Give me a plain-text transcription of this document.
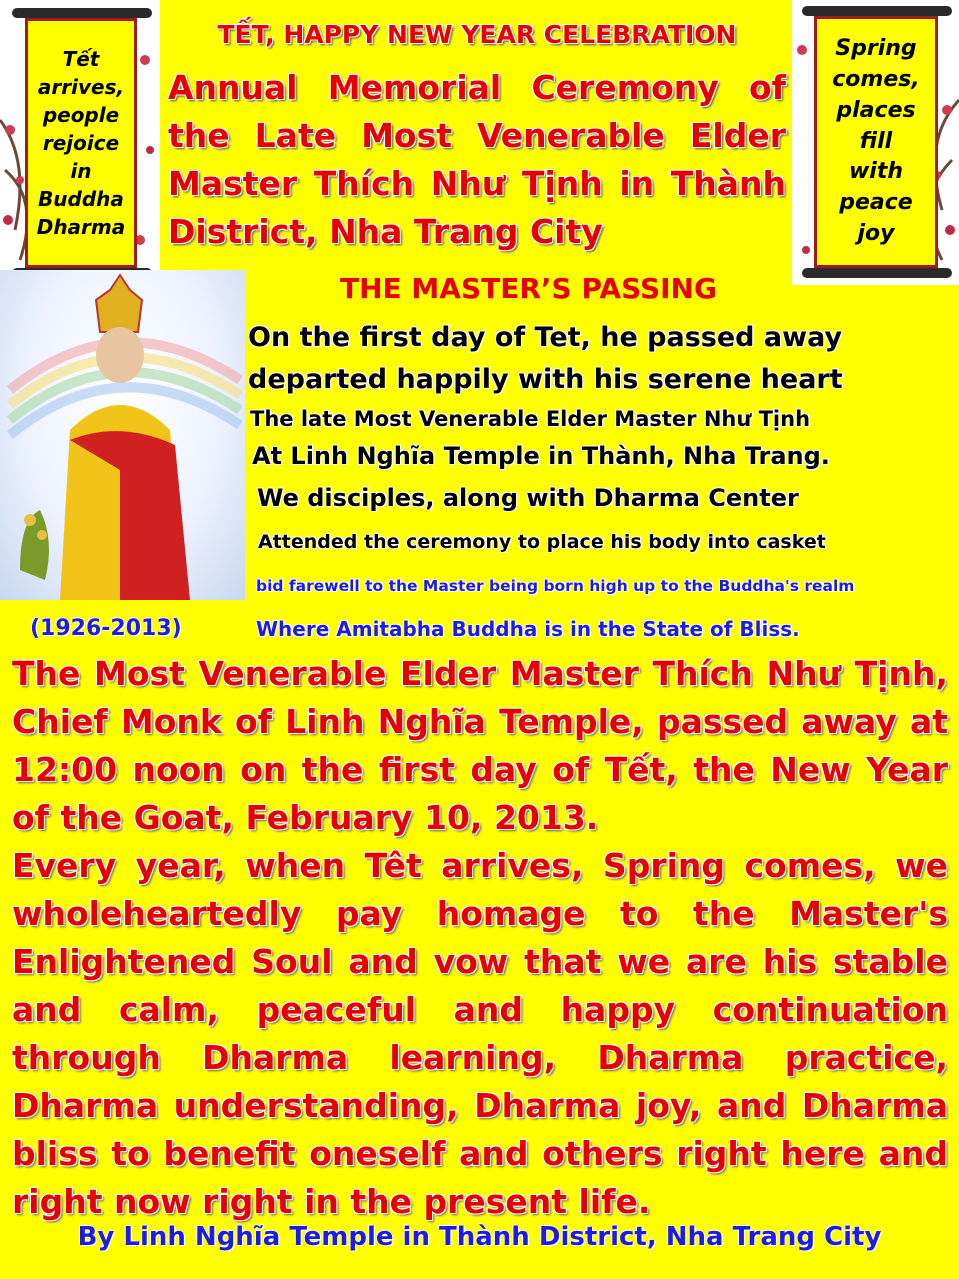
Tết
arrives,
people
rejoice
in
Buddha
Dharma
Spring
comes,
places
fill
with
peace
joy
TẾT, HAPPY NEW YEAR CELEBRATION
Annual Memorial Ceremony of the Late Most Venerable Elder Master Thích Như Tịnh in Thành District, Nha Trang City
THE MASTER’S PASSING
On the first day of Tet, he passed away
departed happily with his serene heart
The late Most Venerable Elder Master Như Tịnh
At Linh Nghĩa Temple in Thành, Nha Trang.
We disciples, along with Dharma Center
Attended the ceremony to place his body into casket
bid farewell to the Master being born high up to the Buddha's realm
Where Amitabha Buddha is in the State of Bliss.
(1926-2013)

The Most Venerable Elder Master Thích Như Tịnh, Chief Monk of Linh Nghĩa Temple, passed away at 12:00 noon on the first day of Tết, the New Year of the Goat, February 10, 2013.

Every year, when Têt arrives, Spring comes, we wholeheartedly pay homage to the Master's Enlightened Soul and vow that we are his stable and calm, peaceful and happy continuation through Dharma learning, Dharma practice, Dharma understanding, Dharma joy, and Dharma bliss to benefit oneself and others right here and right now right in the present life.

By Linh Nghĩa Temple in Thành District, Nha Trang City
